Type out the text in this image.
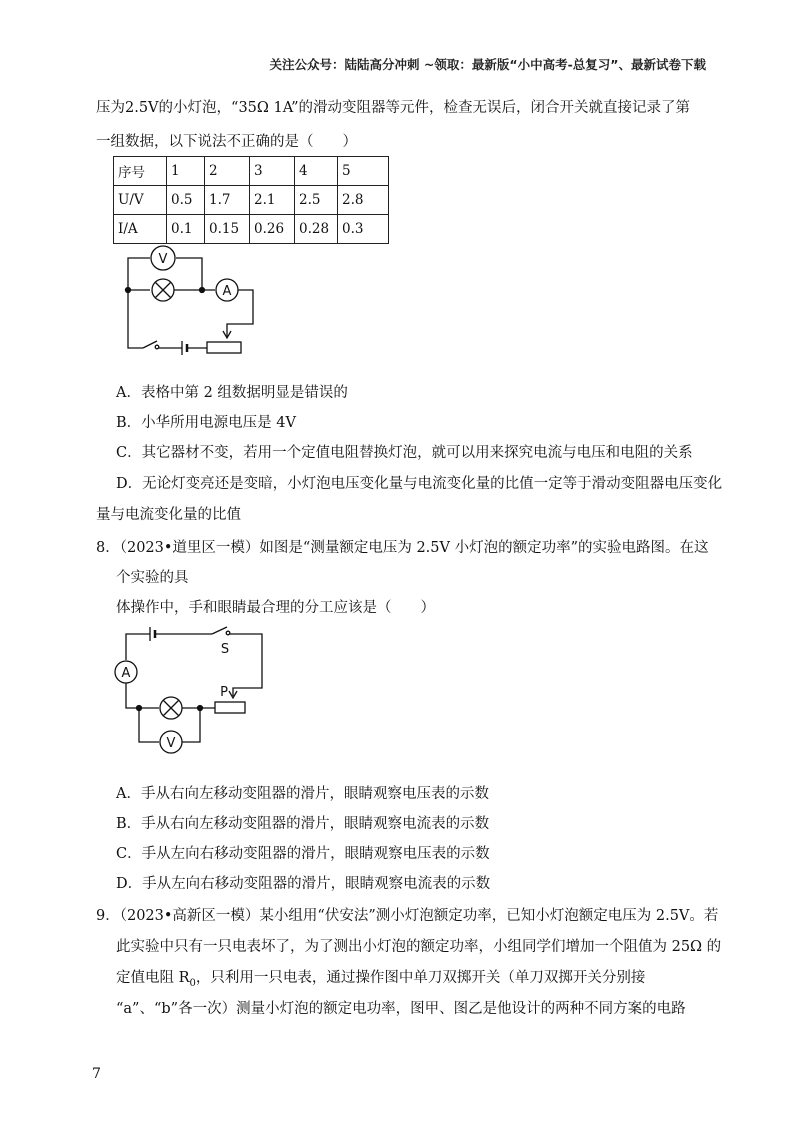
关注公众号：陆陆高分冲刺 ~领取：最新版“小中高考-总复习”、最新试卷下载
压为2.5V的小灯泡，“35Ω 1A”的滑动变阻器等元件，检查无误后，闭合开关就直接记录了第
一组数据，以下说法不正确的是（　　）
序号	1	2	3	4	5
U/V	0.5	1.7	2.1	2.5	2.8
I/A	0.1	0.15	0.26	0.28	0.3
V
A
A．表格中第 2 组数据明显是错误的
B．小华所用电源电压是 4V
C．其它器材不变，若用一个定值电阻替换灯泡，就可以用来探究电流与电压和电阻的关系
D．无论灯变亮还是变暗，小灯泡电压变化量与电流变化量的比值一定等于滑动变阻器电压变化
量与电流变化量的比值
8．（2023•道里区一模）如图是“测量额定电压为 2.5V 小灯泡的额定功率”的实验电路图。在这
个实验的具
体操作中，手和眼睛最合理的分工应该是（　　）
S
P
A
V
A．手从右向左移动变阻器的滑片，眼睛观察电压表的示数
B．手从右向左移动变阻器的滑片，眼睛观察电流表的示数
C．手从左向右移动变阻器的滑片，眼睛观察电压表的示数
D．手从左向右移动变阻器的滑片，眼睛观察电流表的示数
9．（2023•高新区一模）某小组用“伏安法”测小灯泡额定功率，已知小灯泡额定电压为 2.5V。若
此实验中只有一只电表坏了，为了测出小灯泡的额定功率，小组同学们增加一个阻值为 25Ω 的
定值电阻 $R_0$，只利用一只电表，通过操作图中单刀双掷开关（单刀双掷开关分别接
“a”、“b”各一次）测量小灯泡的额定电功率，图甲、图乙是他设计的两种不同方案的电路
7
